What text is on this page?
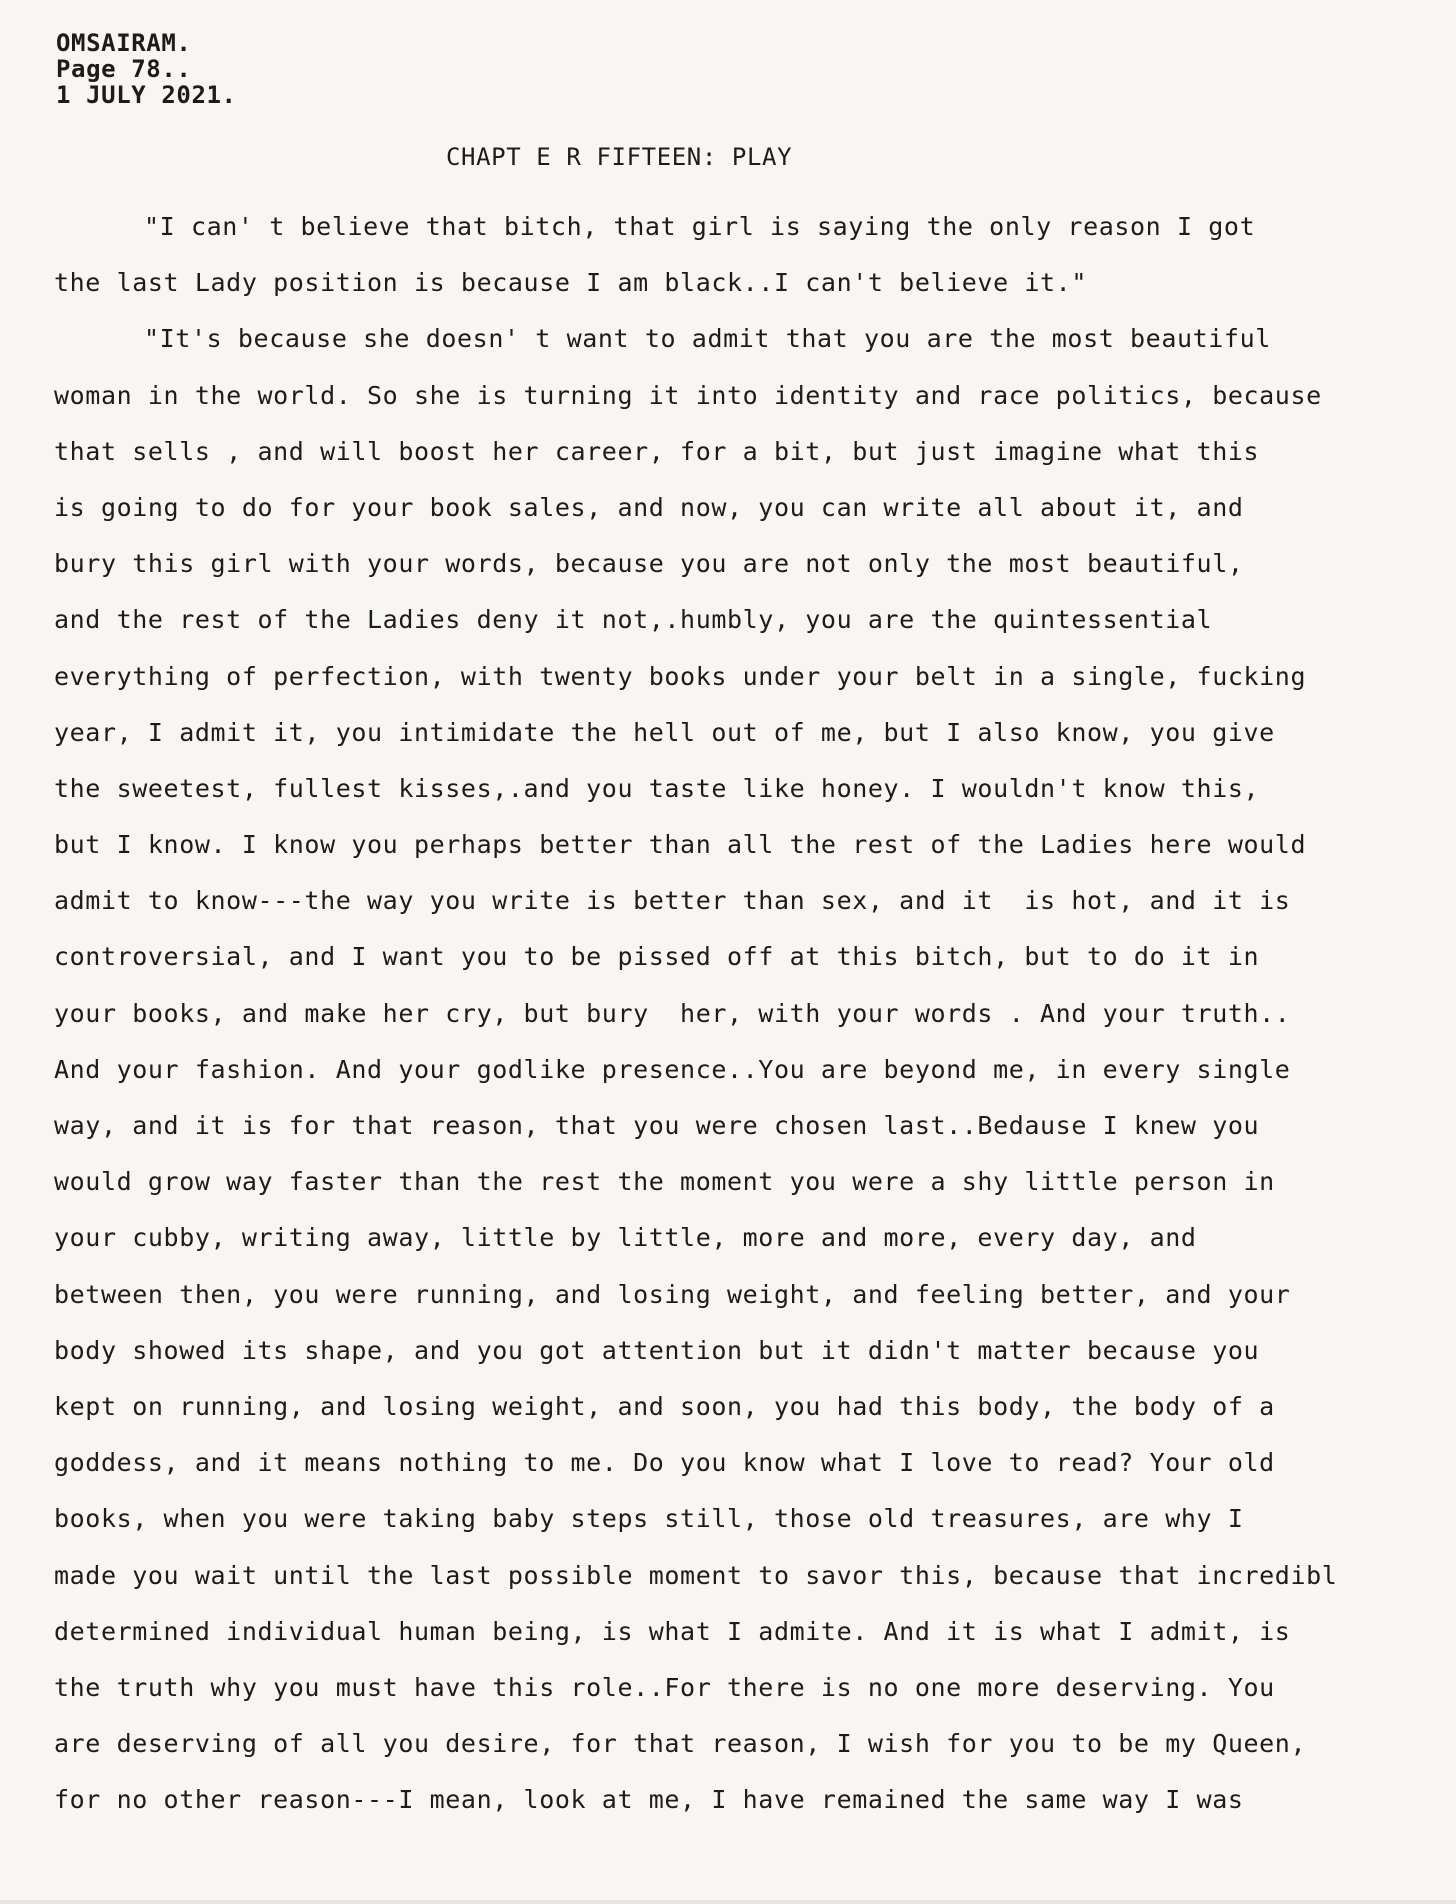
OMSAIRAM.
Page 78..
1 JULY 2021.
CHAPT E R FIFTEEN: PLAY
"I can' t believe that bitch, that girl is saying the only reason I got
the last Lady position is because I am black..I can't believe it."
"It's because she doesn' t want to admit that you are the most beautiful
woman in the world. So she is turning it into identity and race politics, because
that sells , and will boost her career, for a bit, but just imagine what this
is going to do for your book sales, and now, you can write all about it, and
bury this girl with your words, because you are not only the most beautiful,
and the rest of the Ladies deny it not,.humbly, you are the quintessential
everything of perfection, with twenty books under your belt in a single, fucking
year, I admit it, you intimidate the hell out of me, but I also know, you give
the sweetest, fullest kisses,.and you taste like honey. I wouldn't know this,
but I know. I know you perhaps better than all the rest of the Ladies here would
admit to know---the way you write is better than sex, and it  is hot, and it is
controversial, and I want you to be pissed off at this bitch, but to do it in
your books, and make her cry, but bury  her, with your words . And your truth..
And your fashion. And your godlike presence..You are beyond me, in every single
way, and it is for that reason, that you were chosen last..Bedause I knew you
would grow way faster than the rest the moment you were a shy little person in
your cubby, writing away, little by little, more and more, every day, and
between then, you were running, and losing weight, and feeling better, and your
body showed its shape, and you got attention but it didn't matter because you
kept on running, and losing weight, and soon, you had this body, the body of a
goddess, and it means nothing to me. Do you know what I love to read? Your old
books, when you were taking baby steps still, those old treasures, are why I
made you wait until the last possible moment to savor this, because that incredibl
determined individual human being, is what I admite. And it is what I admit, is
the truth why you must have this role..For there is no one more deserving. You
are deserving of all you desire, for that reason, I wish for you to be my Queen,
for no other reason---I mean, look at me, I have remained the same way I was
